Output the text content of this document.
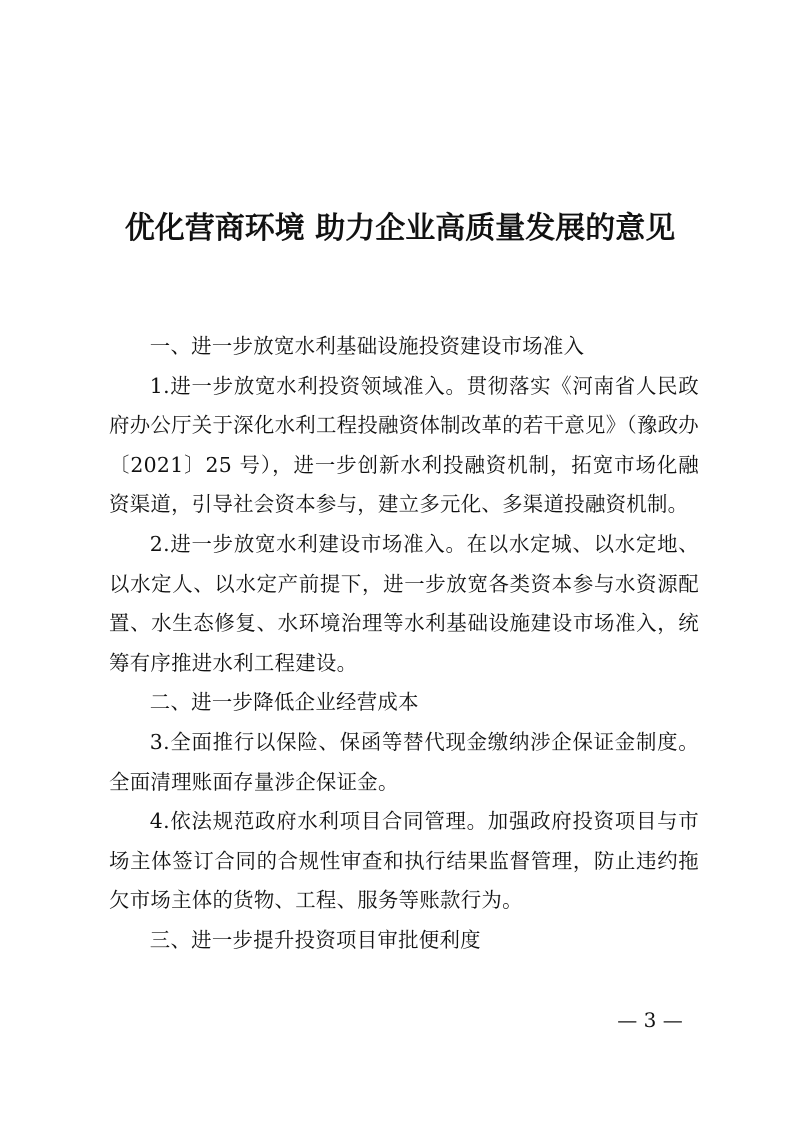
优化营商环境 助力企业高质量发展的意见

一、进一步放宽水利基础设施投资建设市场准入

1.进一步放宽水利投资领域准入。贯彻落实《河南省人民政府办公厅关于深化水利工程投融资体制改革的若干意见》（豫政办〔2021〕25 号），进一步创新水利投融资机制，拓宽市场化融资渠道，引导社会资本参与，建立多元化、多渠道投融资机制。

2.进一步放宽水利建设市场准入。在以水定城、以水定地、以水定人、以水定产前提下，进一步放宽各类资本参与水资源配置、水生态修复、水环境治理等水利基础设施建设市场准入，统筹有序推进水利工程建设。

二、进一步降低企业经营成本

3.全面推行以保险、保函等替代现金缴纳涉企保证金制度。全面清理账面存量涉企保证金。

4.依法规范政府水利项目合同管理。加强政府投资项目与市场主体签订合同的合规性审查和执行结果监督管理，防止违约拖欠市场主体的货物、工程、服务等账款行为。

三、进一步提升投资项目审批便利度

— 3 —
